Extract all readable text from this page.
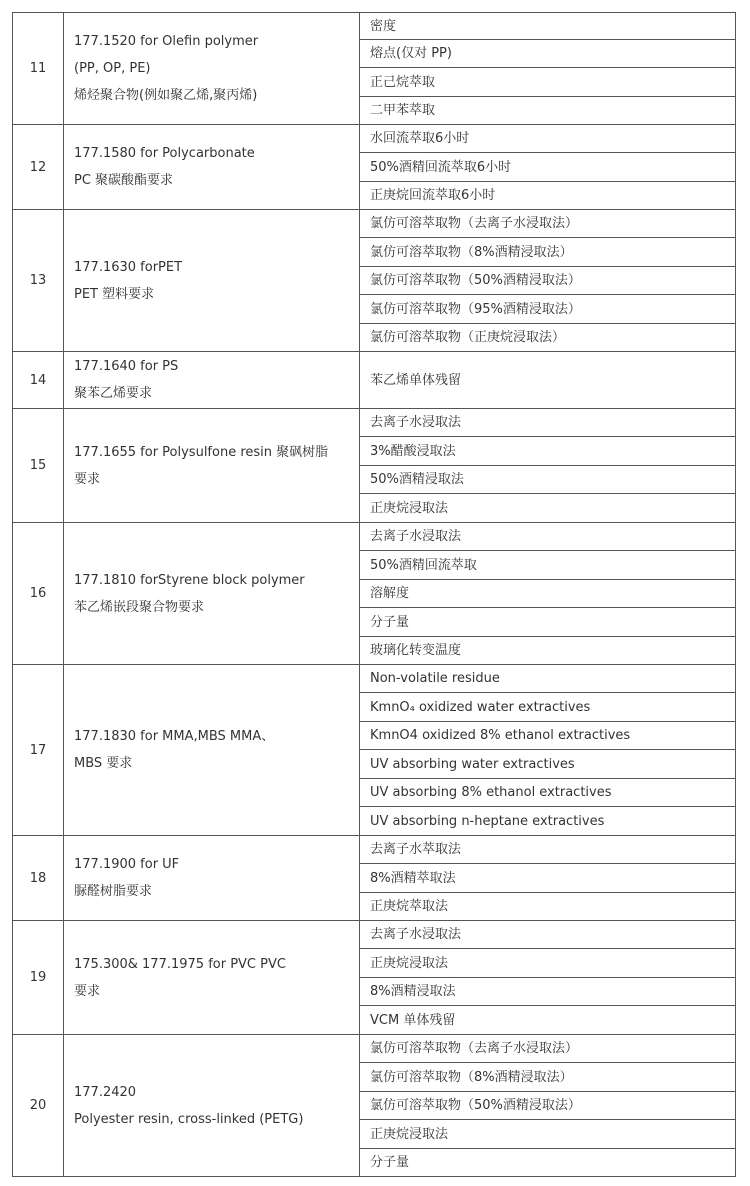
11	177.1520 for Olefin polymer
(PP, OP, PE)
烯烃聚合物(例如聚乙烯,聚丙烯)	密度
		熔点(仅对 PP)
		正己烷萃取
		二甲苯萃取
12	177.1580 for Polycarbonate
PC 聚碳酸酯要求	水回流萃取6小时
		50%酒精回流萃取6小时
		正庚烷回流萃取6小时
13	177.1630 forPET
PET 塑料要求	氯仿可溶萃取物（去离子水浸取法）
		氯仿可溶萃取物（8%酒精浸取法）
		氯仿可溶萃取物（50%酒精浸取法）
		氯仿可溶萃取物（95%酒精浸取法）
		氯仿可溶萃取物（正庚烷浸取法）
14	177.1640 for PS
聚苯乙烯要求	苯乙烯单体残留
15	177.1655 for Polysulfone resin 聚砜树脂
要求	去离子水浸取法
		3%醋酸浸取法
		50%酒精浸取法
		正庚烷浸取法
16	177.1810 forStyrene block polymer
苯乙烯嵌段聚合物要求	去离子水浸取法
		50%酒精回流萃取
		溶解度
		分子量
		玻璃化转变温度
17	177.1830 for MMA,MBS MMA、
MBS 要求	Non-volatile residue
		KmnO₄ oxidized water extractives
		KmnO4 oxidized 8% ethanol extractives
		UV absorbing water extractives
		UV absorbing 8% ethanol extractives
		UV absorbing n-heptane extractives
18	177.1900 for UF
脲醛树脂要求	去离子水萃取法
		8%酒精萃取法
		正庚烷萃取法
19	175.300& 177.1975 for PVC PVC
要求	去离子水浸取法
		正庚烷浸取法
		8%酒精浸取法
		VCM 单体残留
20	177.2420
Polyester resin, cross-linked (PETG)	氯仿可溶萃取物（去离子水浸取法）
		氯仿可溶萃取物（8%酒精浸取法）
		氯仿可溶萃取物（50%酒精浸取法）
		正庚烷浸取法
		分子量
